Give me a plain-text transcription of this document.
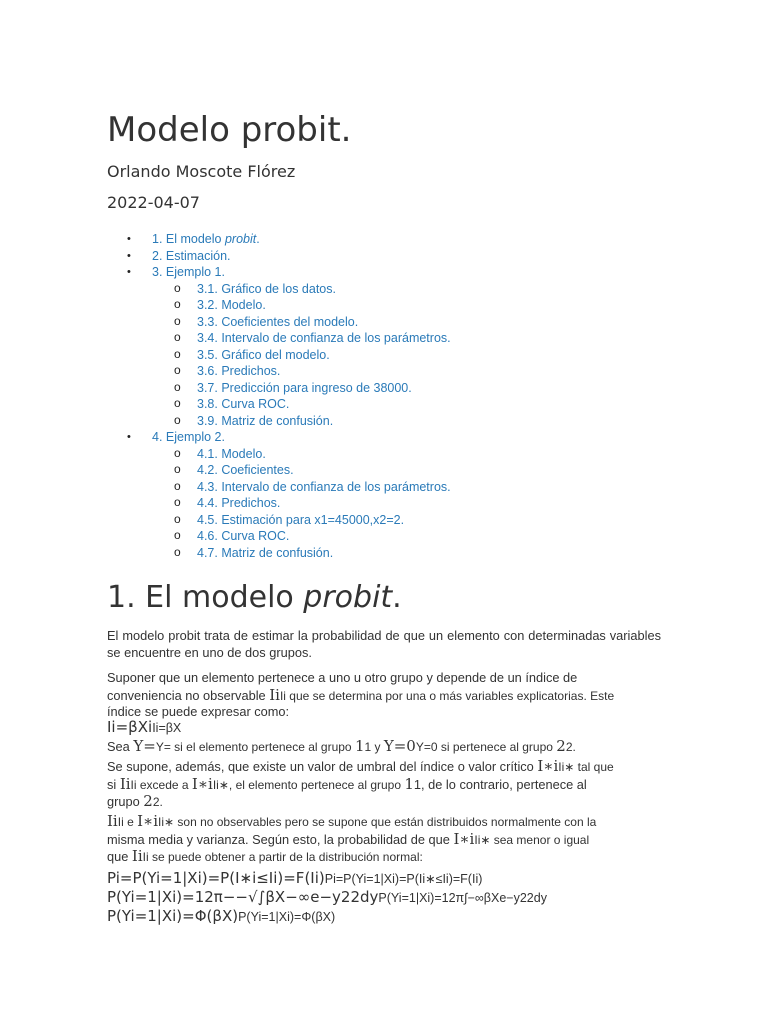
Modelo probit.

Orlando Moscote Flórez

2022-04-07

• 1. El modelo probit.
• 2. Estimación.
• 3. Ejemplo 1.
o 3.1. Gráfico de los datos.
o 3.2. Modelo.
o 3.3. Coeficientes del modelo.
o 3.4. Intervalo de confianza de los parámetros.
o 3.5. Gráfico del modelo.
o 3.6. Predichos.
o 3.7. Predicción para ingreso de 38000.
o 3.8. Curva ROC.
o 3.9. Matriz de confusión.
• 4. Ejemplo 2.
o 4.1. Modelo.
o 4.2. Coeficientes.
o 4.3. Intervalo de confianza de los parámetros.
o 4.4. Predichos.
o 4.5. Estimación para x1=45000,x2=2.
o 4.6. Curva ROC.
o 4.7. Matriz de confusión.
1. El modelo probit.

El modelo probit trata de estimar la probabilidad de que un elemento con determinadas variables se encuentre en uno de dos grupos.

Suponer que un elemento pertenece a uno u otro grupo y depende de un índice de
conveniencia no observable IiIi que se determina por una o más variables explicatorias. Este
índice se puede expresar como:

Ii=βXiIi=βX

Sea Y=Y= si el elemento pertenece al grupo 11 y Y=0Y=0 si pertenece al grupo 22.

Se supone, además, que existe un valor de umbral del índice o valor crítico I∗iIi∗ tal que
si IiIi excede a I∗iIi∗, el elemento pertenece al grupo 11, de lo contrario, pertenece al
grupo 22.

IiIi e I∗iIi∗ son no observables pero se supone que están distribuidos normalmente con la
misma media y varianza. Según esto, la probabilidad de que I∗iIi∗ sea menor o igual
que IiIi se puede obtener a partir de la distribución normal:

Pi=P(Yi=1|Xi)=P(I∗i≤Ii)=F(Ii)Pi=P(Yi=1|Xi)=P(Ii∗≤Ii)=F(Ii)

P(Yi=1|Xi)=12π−−√∫βX−∞e−y22dyP(Yi=1|Xi)=12π∫−∞βXe−y22dy

P(Yi=1|Xi)=Φ(βX)P(Yi=1|Xi)=Φ(βX)
